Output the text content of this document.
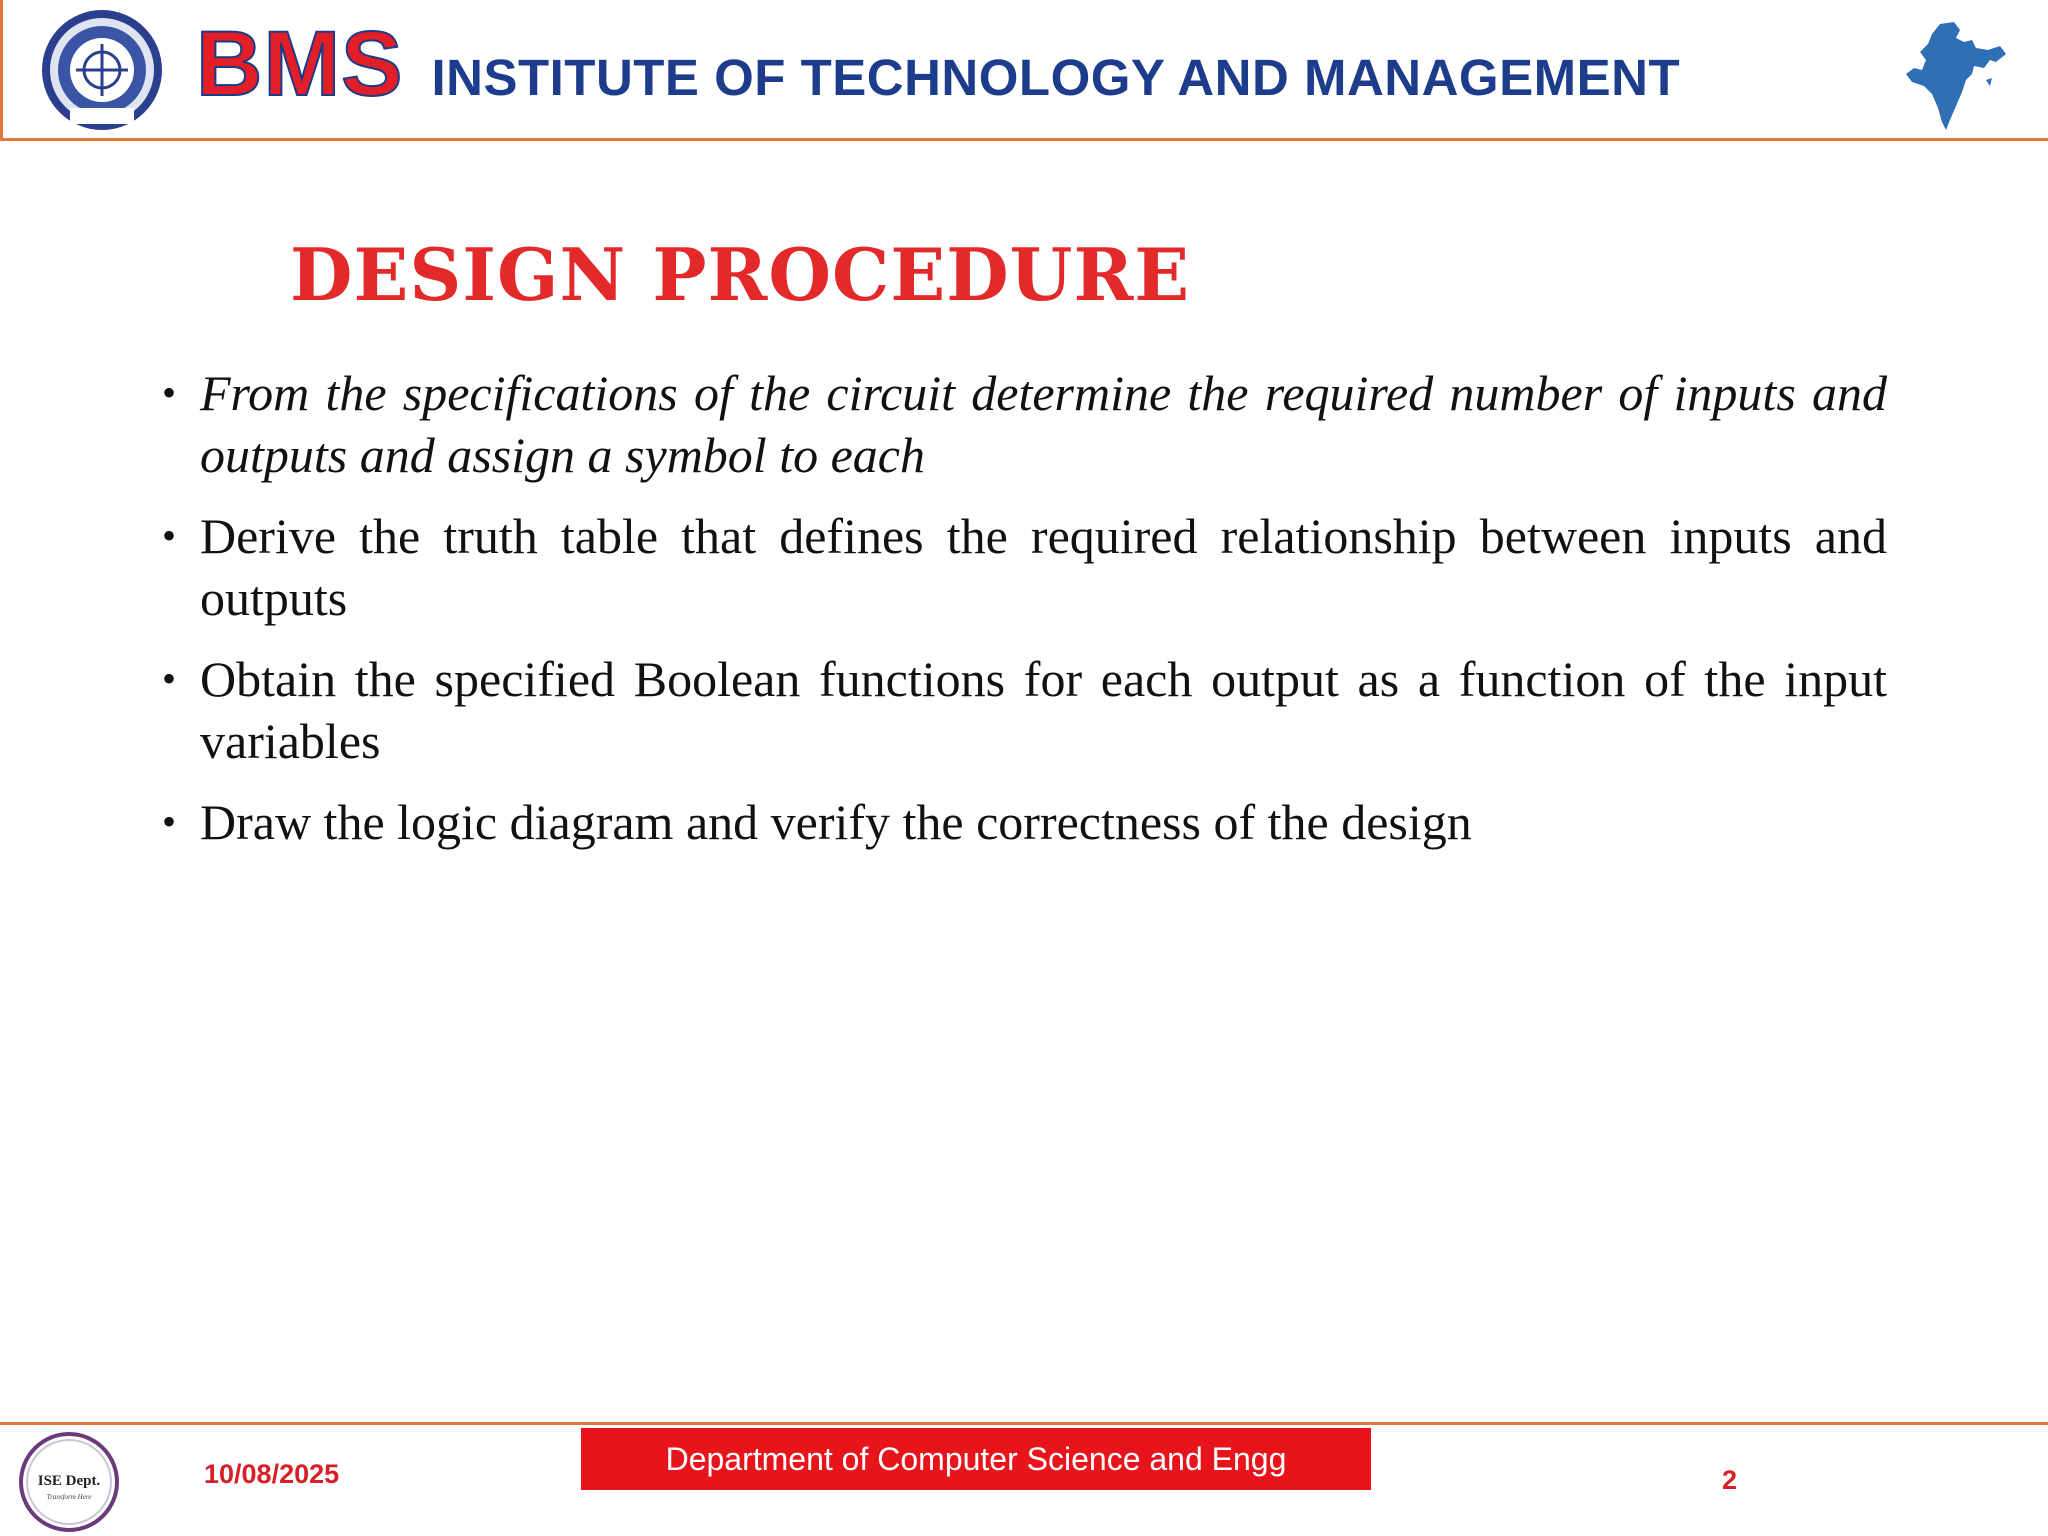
BMS INSTITUTE OF TECHNOLOGY AND MANAGEMENT
DESIGN PROCEDURE
• From the specifications of the circuit determine the required number of inputs and outputs and assign a symbol to each
• Derive the truth table that defines the required relationship between inputs and outputs
• Obtain the specified Boolean functions for each output as a function of the input variables
• Draw the logic diagram and verify the correctness of the design
ISE Dept.
Transform Here
10/08/2025	Department of Computer Science and Engg
2
